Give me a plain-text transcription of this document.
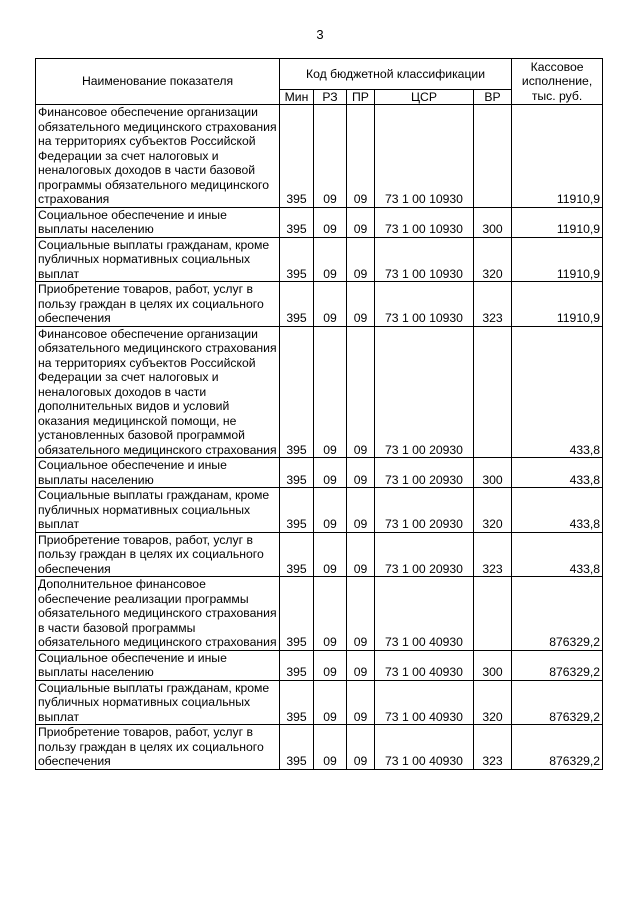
3
Наименование показателя	Код бюджетной классификации					Кассовое исполнение, тыс. руб.
	Мин	РЗ	ПР	ЦСР	ВР	
Финансовое обеспечение организации обязательного медицинского страхования на территориях субъектов Российской Федерации за счет налоговых и неналоговых доходов в части базовой программы обязательного медицинского страхования	395	09	09	73 1 00 10930		11910,9
Социальное обеспечение и иные выплаты населению	395	09	09	73 1 00 10930	300	11910,9
Социальные выплаты гражданам, кроме публичных нормативных социальных выплат	395	09	09	73 1 00 10930	320	11910,9
Приобретение товаров, работ, услуг в пользу граждан в целях их социального обеспечения	395	09	09	73 1 00 10930	323	11910,9
Финансовое обеспечение организации обязательного медицинского страхования на территориях субъектов Российской Федерации за счет налоговых и неналоговых доходов в части дополнительных видов и условий оказания медицинской помощи, не установленных базовой программой обязательного медицинского страхования	395	09	09	73 1 00 20930		433,8
Социальное обеспечение и иные выплаты населению	395	09	09	73 1 00 20930	300	433,8
Социальные выплаты гражданам, кроме публичных нормативных социальных выплат	395	09	09	73 1 00 20930	320	433,8
Приобретение товаров, работ, услуг в пользу граждан в целях их социального обеспечения	395	09	09	73 1 00 20930	323	433,8
Дополнительное финансовое обеспечение реализации программы обязательного медицинского страхования в части базовой программы обязательного медицинского страхования	395	09	09	73 1 00 40930		876329,2
Социальное обеспечение и иные выплаты населению	395	09	09	73 1 00 40930	300	876329,2
Социальные выплаты гражданам, кроме публичных нормативных социальных выплат	395	09	09	73 1 00 40930	320	876329,2
Приобретение товаров, работ, услуг в пользу граждан в целях их социального обеспечения	395	09	09	73 1 00 40930	323	876329,2
